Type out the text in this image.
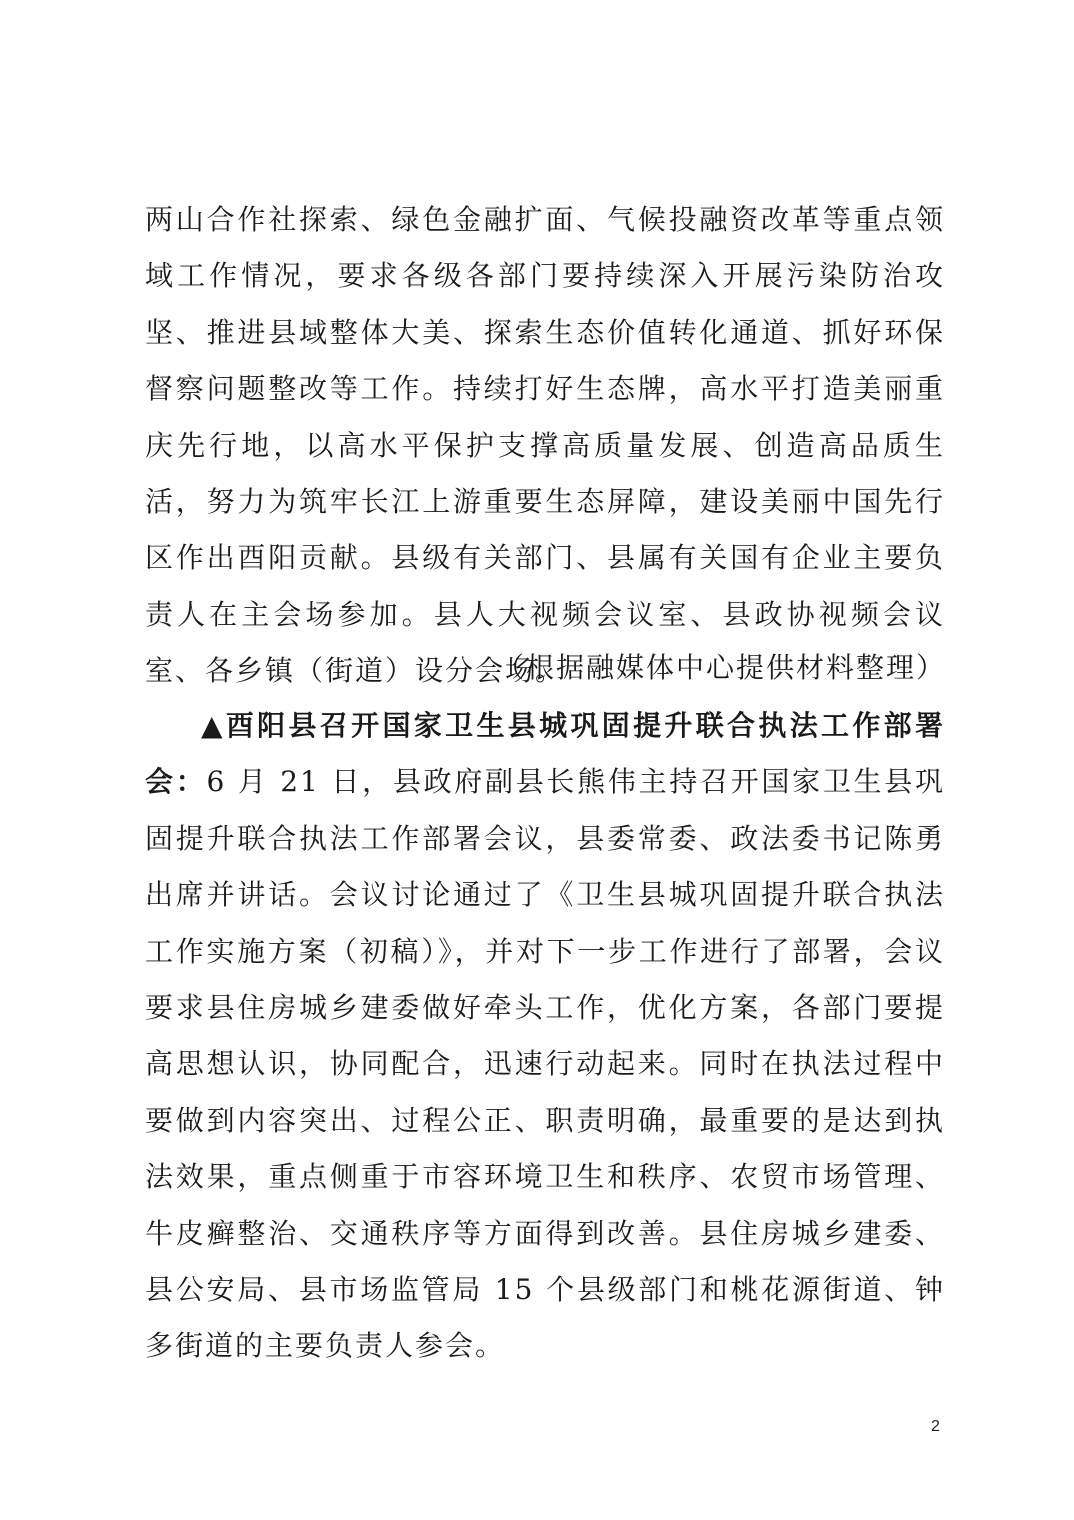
两山合作社探索、绿色金融扩面、气候投融资改革等重点领域工作情况，要求各级各部门要持续深入开展污染防治攻坚、推进县域整体大美、探索生态价值转化通道、抓好环保督察问题整改等工作。持续打好生态牌，高水平打造美丽重庆先行地，以高水平保护支撑高质量发展、创造高品质生活，努力为筑牢长江上游重要生态屏障，建设美丽中国先行区作出酉阳贡献。县级有关部门、县属有关国有企业主要负责人在主会场参加。县人大视频会议室、县政协视频会议室、各乡镇（街道）设分会场。

（根据融媒体中心提供材料整理）

▲酉阳县召开国家卫生县城巩固提升联合执法工作部署会：6 月 21 日，县政府副县长熊伟主持召开国家卫生县巩固提升联合执法工作部署会议，县委常委、政法委书记陈勇出席并讲话。会议讨论通过了《卫生县城巩固提升联合执法工作实施方案（初稿）》，并对下一步工作进行了部署，会议要求县住房城乡建委做好牵头工作，优化方案，各部门要提高思想认识，协同配合，迅速行动起来。同时在执法过程中要做到内容突出、过程公正、职责明确，最重要的是达到执法效果，重点侧重于市容环境卫生和秩序、农贸市场管理、牛皮癣整治、交通秩序等方面得到改善。县住房城乡建委、县公安局、县市场监管局 15 个县级部门和桃花源街道、钟多街道的主要负责人参会。

2
